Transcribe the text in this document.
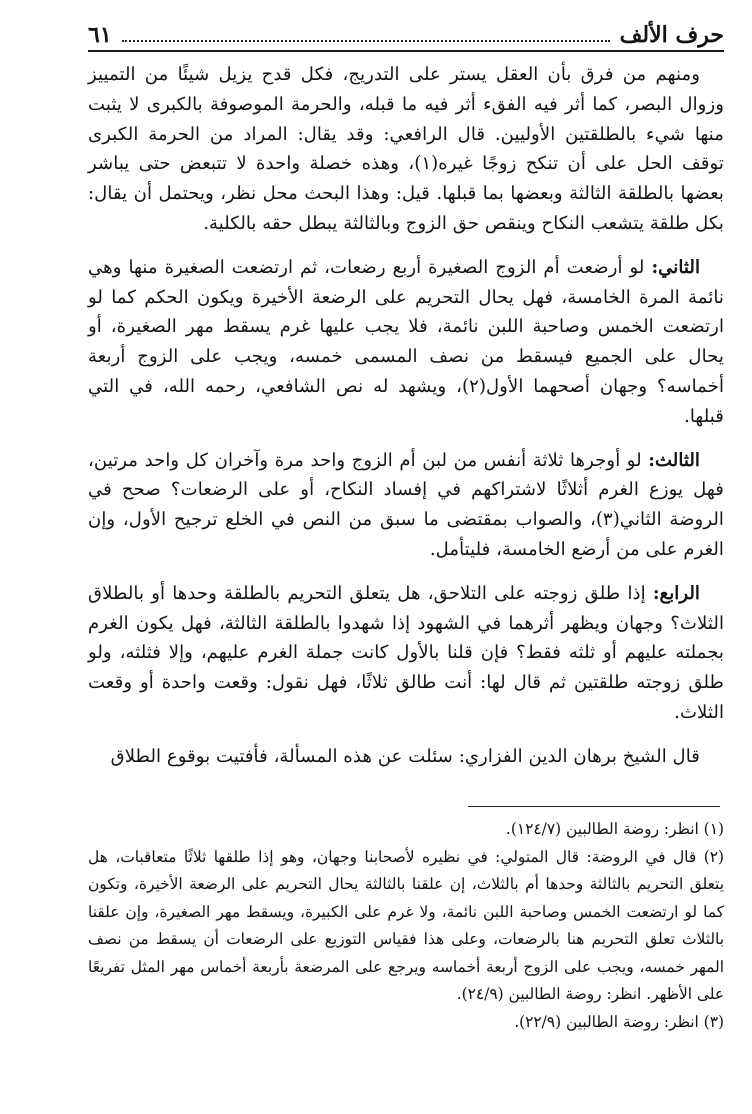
حرف الألف
٦١

ومنهم من فرق بأن العقل يستر على التدريج، فكل قدح يزيل شيئًا من التمييز وزوال البصر، كما أثر فيه الفقء أثر فيه ما قبله، والحرمة الموصوفة بالكبرى لا يثبت منها شيء بالطلقتين الأوليين. قال الرافعي: وقد يقال: المراد من الحرمة الكبرى توقف الحل على أن تنكح زوجًا غيره(١)، وهذه خصلة واحدة لا تتبعض حتى يباشر بعضها بالطلقة الثالثة وبعضها بما قبلها. قيل: وهذا البحث محل نظر، ويحتمل أن يقال: بكل طلقة يتشعب النكاح وينقص حق الزوج وبالثالثة يبطل حقه بالكلية.

الثاني: لو أرضعت أم الزوج الصغيرة أربع رضعات، ثم ارتضعت الصغيرة منها وهي نائمة المرة الخامسة، فهل يحال التحريم على الرضعة الأخيرة ويكون الحكم كما لو ارتضعت الخمس وصاحبة اللبن نائمة، فلا يجب عليها غرم يسقط مهر الصغيرة، أو يحال على الجميع فيسقط من نصف المسمى خمسه، ويجب على الزوج أربعة أخماسه؟ وجهان أصحهما الأول(٢)، ويشهد له نص الشافعي، رحمه الله، في التي قبلها.

الثالث: لو أوجرها ثلاثة أنفس من لبن أم الزوج واحد مرة وآخران كل واحد مرتين، فهل يوزع الغرم أثلاثًا لاشتراكهم في إفساد النكاح، أو على الرضعات؟ صحح في الروضة الثاني(٣)، والصواب بمقتضى ما سبق من النص في الخلع ترجيح الأول، وإن الغرم على من أرضع الخامسة، فليتأمل.

الرابع: إذا طلق زوجته على التلاحق، هل يتعلق التحريم بالطلقة وحدها أو بالطلاق الثلاث؟ وجهان ويظهر أثرهما في الشهود إذا شهدوا بالطلقة الثالثة، فهل يكون الغرم بجملته عليهم أو ثلثه فقط؟ فإن قلنا بالأول كانت جملة الغرم عليهم، وإلا فثلثه، ولو طلق زوجته طلقتين ثم قال لها: أنت طالق ثلاثًا، فهل نقول: وقعت واحدة أو وقعت الثلاث.

قال الشيخ برهان الدين الفزاري: سئلت عن هذه المسألة، فأفتيت بوقوع الطلاق

(١) انظر: روضة الطالبين (١٢٤/٧).

(٢) قال في الروضة: قال المتولي: في نظيره لأصحابنا وجهان، وهو إذا طلقها ثلاثًا متعاقبات، هل يتعلق التحريم بالثالثة وحدها أم بالثلاث، إن علقنا بالثالثة يحال التحريم على الرضعة الأخيرة، وتكون كما لو ارتضعت الخمس وصاحبة اللبن نائمة، ولا غرم على الكبيرة، ويسقط مهر الصغيرة، وإن علقنا بالثلاث تعلق التحريم هنا بالرضعات، وعلى هذا فقياس التوزيع على الرضعات أن يسقط من نصف المهر خمسه، ويجب على الزوج أربعة أخماسه ويرجع على المرضعة بأربعة أخماس مهر المثل تفريعًا على الأظهر. انظر: روضة الطالبين (٢٤/٩).

(٣) انظر: روضة الطالبين (٢٢/٩).
